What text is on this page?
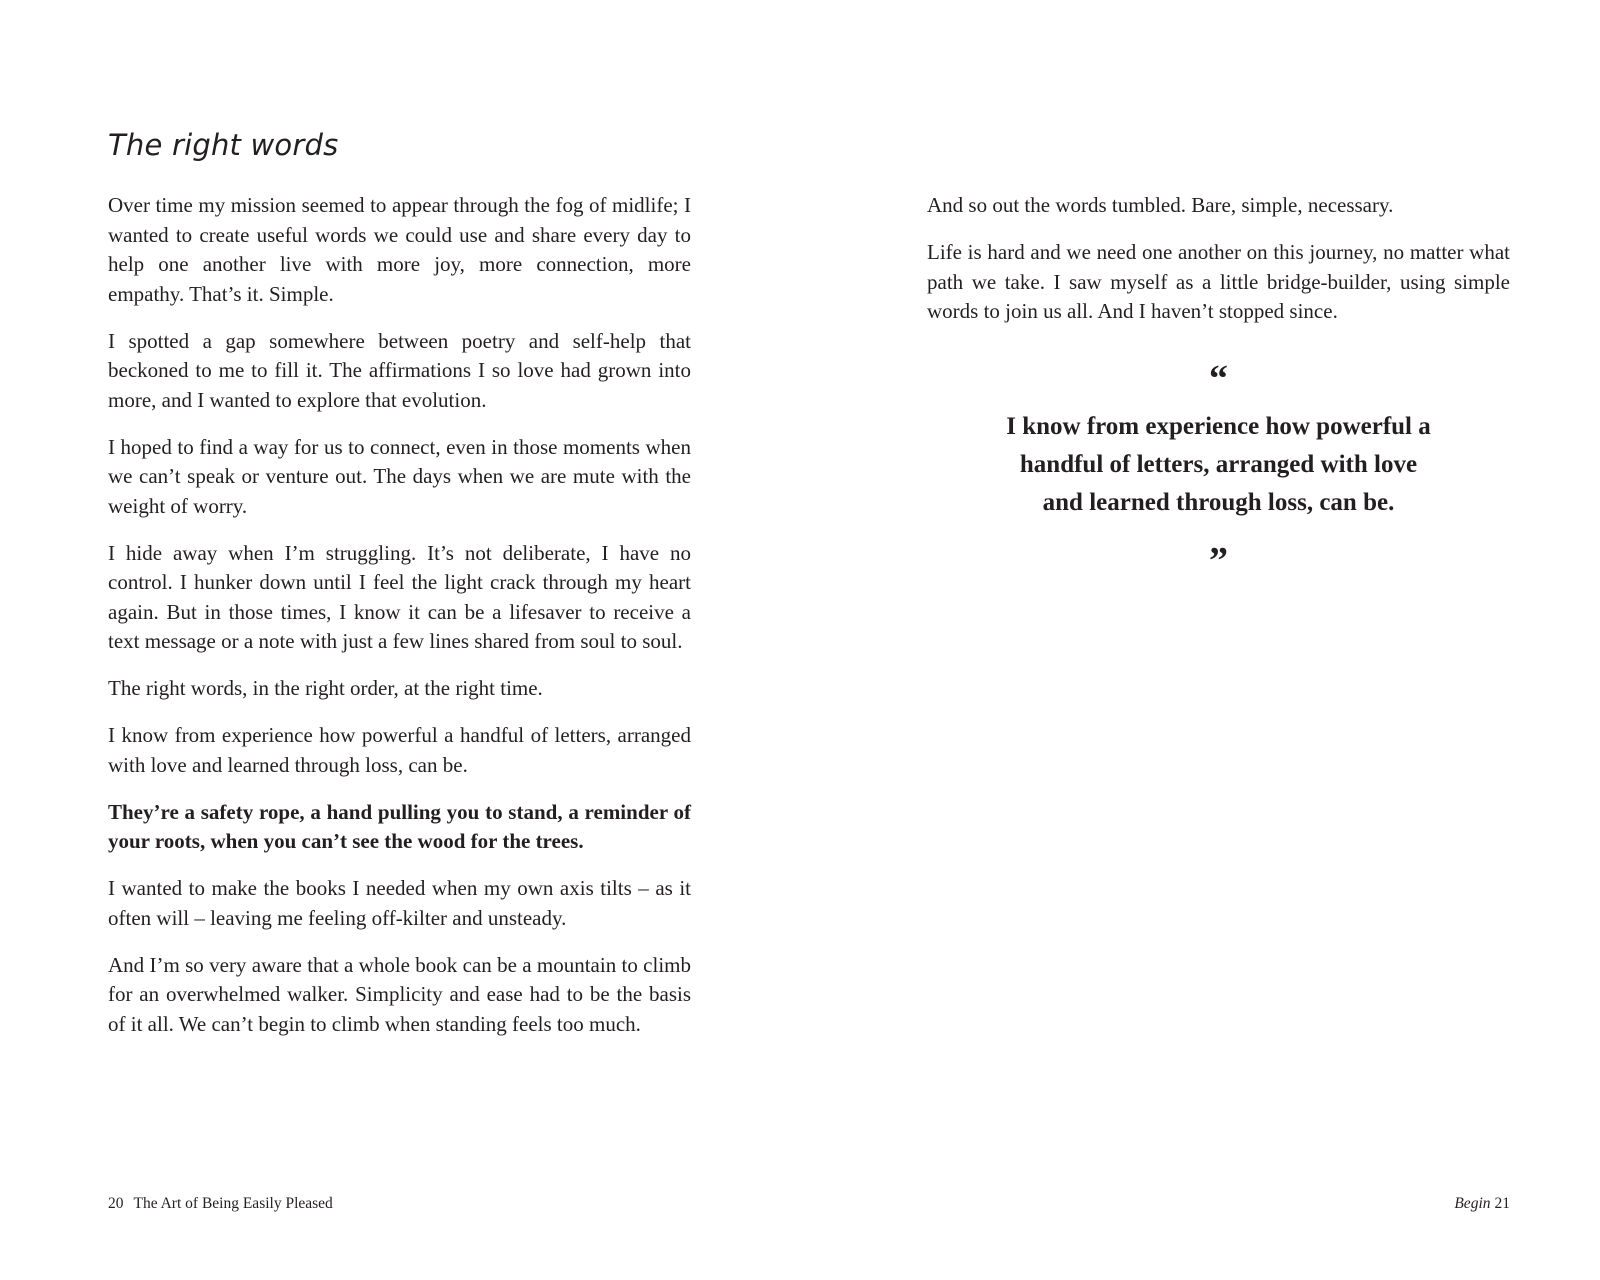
The right words

Over time my mission seemed to appear through the fog of midlife; I wanted to create useful words we could use and share every day to help one another live with more joy, more connection, more empathy. That’s it. Simple.

I spotted a gap somewhere between poetry and self-help that beckoned to me to fill it. The affirmations I so love had grown into more, and I wanted to explore that evolution.

I hoped to find a way for us to connect, even in those moments when we can’t speak or venture out. The days when we are mute with the weight of worry.

I hide away when I’m struggling. It’s not deliberate, I have no control. I hunker down until I feel the light crack through my heart again. But in those times, I know it can be a lifesaver to receive a text message or a note with just a few lines shared from soul to soul.

The right words, in the right order, at the right time.

I know from experience how powerful a handful of letters, arranged with love and learned through loss, can be.

They’re a safety rope, a hand pulling you to stand, a reminder of your roots, when you can’t see the wood for the trees.

I wanted to make the books I needed when my own axis tilts – as it often will – leaving me feeling off-kilter and unsteady.

And I’m so very aware that a whole book can be a mountain to climb for an overwhelmed walker. Simplicity and ease had to be the basis of it all. We can’t begin to climb when standing feels too much.

20 The Art of Being Easily Pleased

And so out the words tumbled. Bare, simple, necessary.

Life is hard and we need one another on this journey, no matter what path we take. I saw myself as a little bridge-builder, using simple words to join us all. And I haven’t stopped since.

“
I know from experience how powerful a handful of letters, arranged with love and learned through loss, can be.
”
Begin 21
